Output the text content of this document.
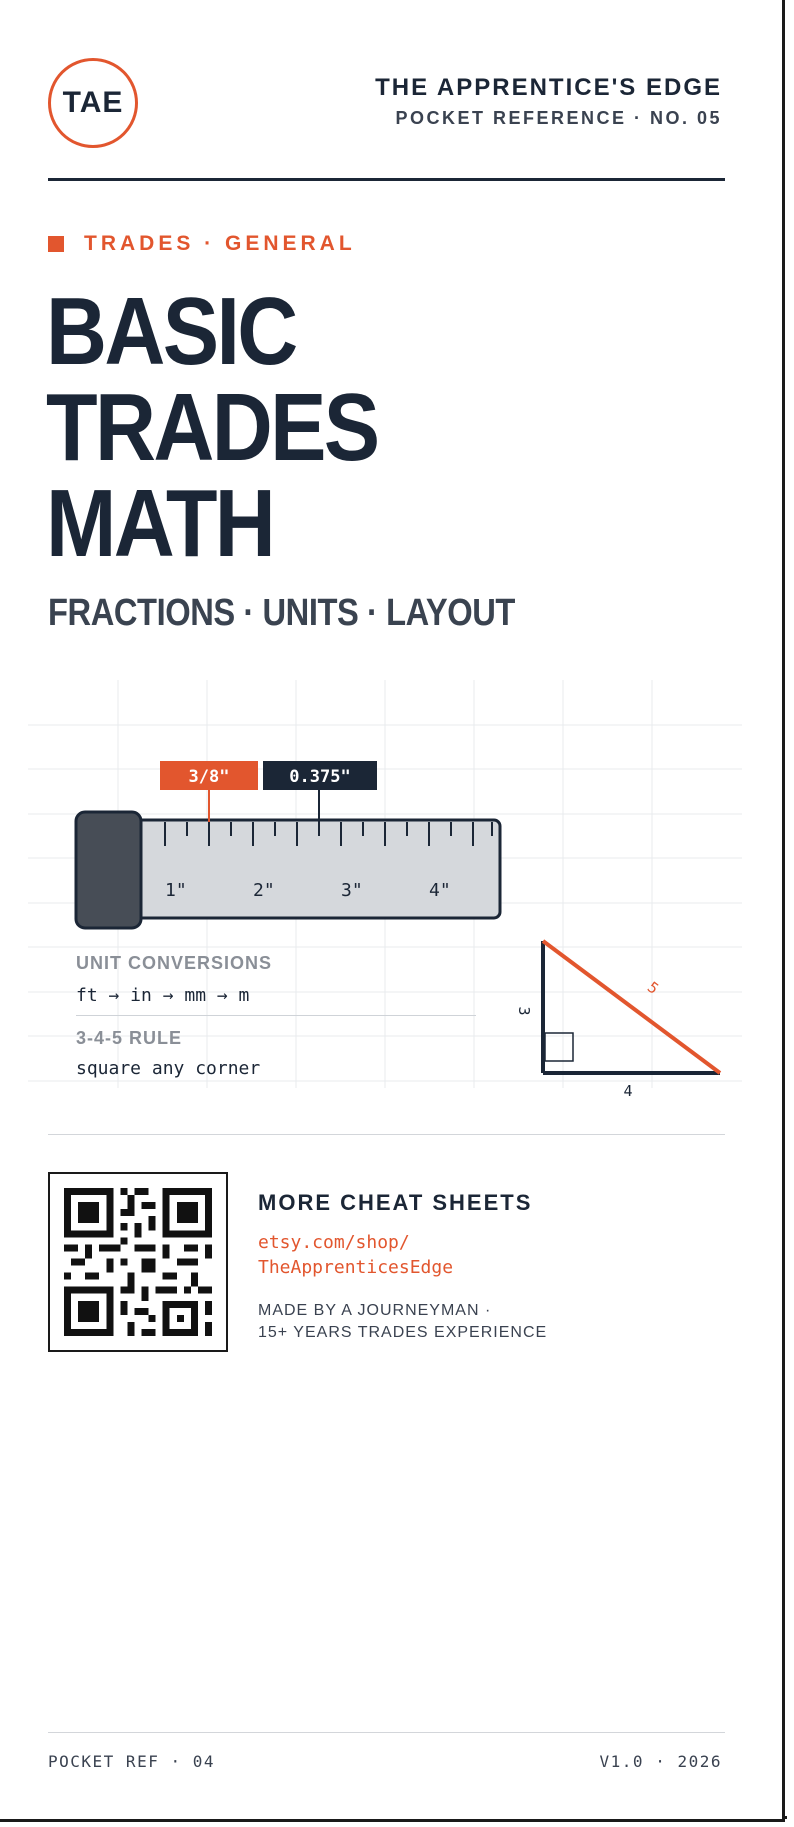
TAE	THE APPRENTICE'S EDGE
POCKET REFERENCE · NO. 05
TRADES · GENERAL
BASIC
TRADES
MATH
FRACTIONS · UNITS · LAYOUT
1"	2"	3"	4"
3/8"	0.375"
3
4
5
UNIT CONVERSIONS
ft → in → mm → m
3-4-5 RULE
square any corner
MORE CHEAT SHEETS
etsy.com/shop/
TheApprenticesEdge
MADE BY A JOURNEYMAN ·
15+ YEARS TRADES EXPERIENCE
POCKET REF · 04	V1.0 · 2026
